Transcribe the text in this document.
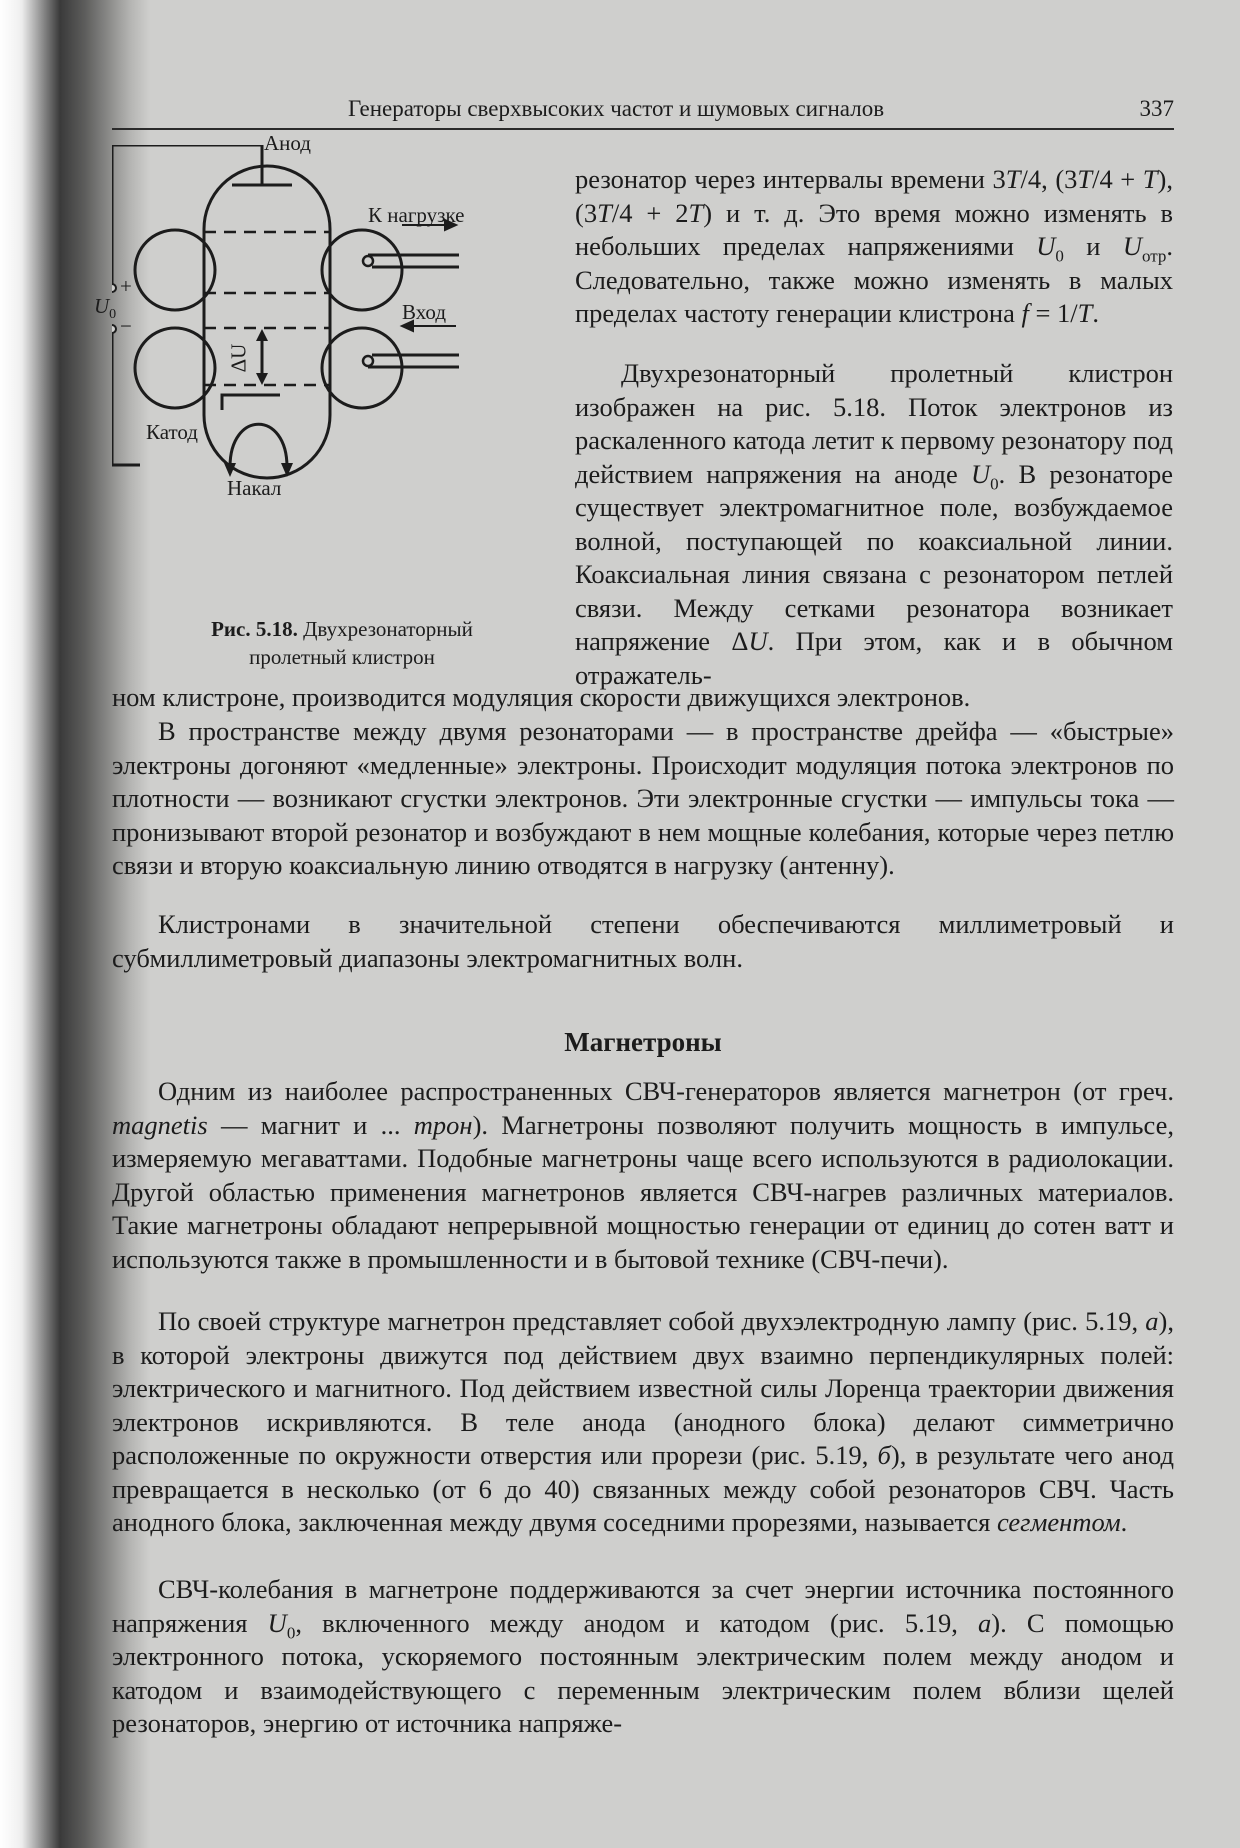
Генераторы сверхвысоких частот и шумовых сигналов	337
Анод
К нагрузке
Вход
+
−
$U_0$
ΔU
Катод
Накал
Рис. 5.18. Двухрезонаторный
пролетный клистрон

резонатор через интервалы времени 3T/4, (3T/4 + T), (3T/4 + 2T) и т. д. Это время можно изменять в небольших пределах напряжениями $U_0$ и $U_{отр}$. Следовательно, также можно изменять в малых пределах частоту генерации клистрона f = 1/T.

Двухрезонаторный пролетный клистрон изображен на рис. 5.18. Поток электронов из раскаленного катода летит к первому резонатору под действием напряжения на аноде $U_0$. В резонаторе существует электромагнитное поле, возбуждаемое волной, поступающей по коаксиальной линии. Коаксиальная линия связана с резонатором петлей связи. Между сетками резонатора возникает напряжение ΔU. При этом, как и в обычном отражатель-

ном клистроне, производится модуляция скорости движущихся электронов.

В пространстве между двумя резонаторами — в пространстве дрейфа — «быстрые» электроны догоняют «медленные» электроны. Происходит модуляция потока электронов по плотности — возникают сгустки электронов. Эти электронные сгустки — импульсы тока — пронизывают второй резонатор и возбуждают в нем мощные колебания, которые через петлю связи и вторую коаксиальную линию отводятся в нагрузку (антенну).

Клистронами в значительной степени обеспечиваются миллиметровый и субмиллиметровый диапазоны электромагнитных волн.

Магнетроны

Одним из наиболее распространенных СВЧ-генераторов является магнетрон (от греч. magnetis — магнит и ... трон). Магнетроны позволяют получить мощность в импульсе, измеряемую мегаваттами. Подобные магнетроны чаще всего используются в радиолокации. Другой областью применения магнетронов является СВЧ-нагрев различных материалов. Такие магнетроны обладают непрерывной мощностью генерации от единиц до сотен ватт и используются также в промышленности и в бытовой технике (СВЧ-печи).

По своей структуре магнетрон представляет собой двухэлектродную лампу (рис. 5.19, а), в которой электроны движутся под действием двух взаимно перпендикулярных полей: электрического и магнитного. Под действием известной силы Лоренца траектории движения электронов искривляются. В теле анода (анодного блока) делают симметрично расположенные по окружности отверстия или прорези (рис. 5.19, б), в результате чего анод превращается в несколько (от 6 до 40) связанных между собой резонаторов СВЧ. Часть анодного блока, заключенная между двумя соседними прорезями, называется сегментом.

СВЧ-колебания в магнетроне поддерживаются за счет энергии источника постоянного напряжения $U_0$, включенного между анодом и катодом (рис. 5.19, а). С помощью электронного потока, ускоряемого постоянным электрическим полем между анодом и катодом и взаимодействующего с переменным электрическим полем вблизи щелей резонаторов, энергию от источника напряже-
